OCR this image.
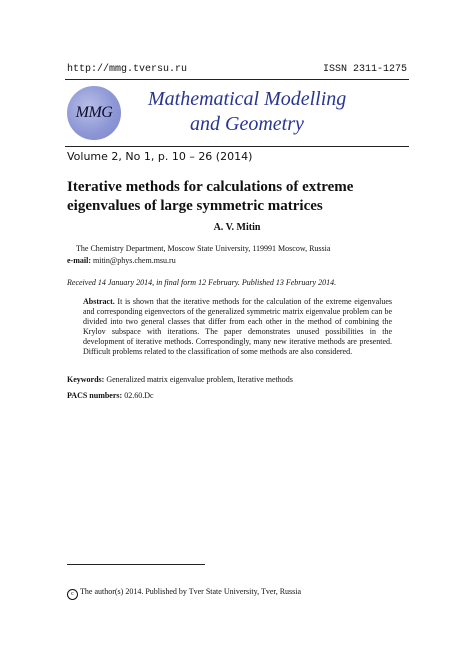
http://mmg.tversu.ru	ISSN 2311-1275
MMG
Mathematical Modelling
and Geometry
Volume 2, No 1, p. 10 – 26 (2014)
Iterative methods for calculations of extreme
eigenvalues of large symmetric matrices
A. V. Mitin
The Chemistry Department, Moscow State University, 119991 Moscow, Russia
e-mail: mitin@phys.chem.msu.ru
Received 14 January 2014, in final form 12 February. Published 13 February 2014.
Abstract. It is shown that the iterative methods for the calculation of the extreme eigenvalues and corresponding eigenvectors of the generalized symmetric matrix eigenvalue problem can be divided into two general classes that differ from each other in the method of combining the Krylov subspace with iterations. The paper demonstrates unused possibilities in the development of iterative methods. Correspondingly, many new iterative methods are presented. Difficult problems related to the classification of some methods are also considered.
Keywords: Generalized matrix eigenvalue problem, Iterative methods
PACS numbers: 02.60.Dc
c The author(s) 2014. Published by Tver State University, Tver, Russia
